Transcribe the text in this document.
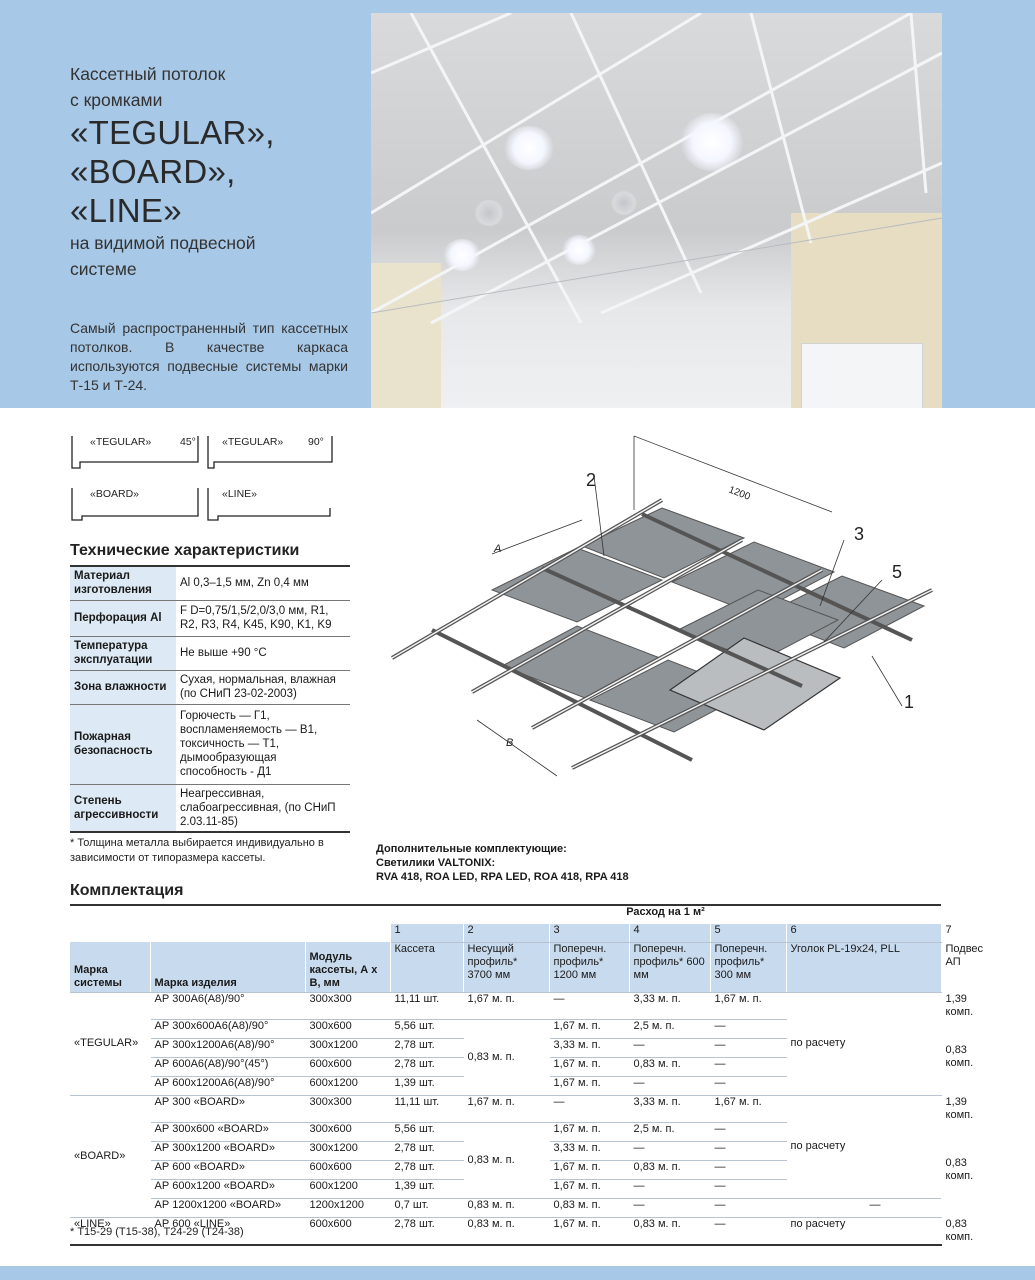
Кассетный потолок
с кромками
«TEGULAR»,
«BOARD», «LINE»
на видимой подвесной
системе
Самый распространенный тип кассетных потолков. В качестве каркаса используются подвесные системы марки Т-15 и Т-24.
«TEGULAR»	45° «TEGULAR» 90°
«BOARD»	«LINE»
Технические характеристики
Материал изготовления	Al 0,3–1,5 мм, Zn 0,4 мм
Перфорация Al	F D=0,75/1,5/2,0/3,0 мм, R1, R2, R3, R4, K45, K90, K1, K9
Температура эксплуатации	Не выше +90 °С
Зона влажности	Сухая, нормальная, влажная (по СНиП 23-02-2003)
Пожарная безопасность	Горючесть — Г1, воспламеняемость — В1, токсичность — Т1, дымообразующая способность - Д1
Степень агрессивности	Неагрессивная, слабоагрессивная, (по СНиП 2.03.11-85)
* Толщина металла выбирается индивидуально в зависимости от типоразмера кассеты.
1200
A
B
1
2
3
5
Дополнительные комплектующие:
Светилики VALTONIX:
RVA 418, ROA LED, RPA LED, ROA 418, RPA 418
Комплектация
Расход на 1 м²
			1	2	3	4	5	6		7
Марка системы	Марка изделия	Модуль кассеты, А х В, мм	Кассета	Несущий профиль* 3700 мм	Поперечн. профиль* 1200 мм	Поперечн. профиль* 600 мм	Поперечн. профиль* 300 мм	Уголок PL-19х24, PLL		Подвес АП
«TEGULAR»	АР 300А6(А8)/90°	300х300	11,11 шт.	1,67 м. п.	—	3,33 м. п.	1,67 м. п.	по расчету		1,39 комп.
	АР 300х600А6(А8)/90°	300х600	5,56 шт.	0,83 м. п.	1,67 м. п.	2,5 м. п.	—			0,83 комп.
	АР 300х1200А6(А8)/90°	300х1200	2,78 шт.		3,33 м. п.	—	—			
	АР 600А6(А8)/90°(45°)	600х600	2,78 шт.		1,67 м. п.	0,83 м. п.	—			
	АР 600х1200А6(А8)/90°	600х1200	1,39 шт.		1,67 м. п.	—	—			
«BOARD»	АР 300 «BOARD»	300х300	11,11 шт.	1,67 м. п.	—	3,33 м. п.	1,67 м. п.	по расчету		1,39 комп.
	АР 300х600 «BOARD»	300х600	5,56 шт.	0,83 м. п.	1,67 м. п.	2,5 м. п.	—			0,83 комп.
	АР 300х1200 «BOARD»	300х1200	2,78 шт.		3,33 м. п.	—	—			
	АР 600 «BOARD»	600х600	2,78 шт.		1,67 м. п.	0,83 м. п.	—			
	АР 600х1200 «BOARD»	600х1200	1,39 шт.		1,67 м. п.	—	—			
	АР 1200х1200 «BOARD»	1200х1200	0,7 шт.	0,83 м. п.	0,83 м. п.	—	—		—	
«LINE»	АР 600 «LINE»	600х600	2,78 шт.	0,83 м. п.	1,67 м. п.	0,83 м. п.	—	по расчету		0,83 комп.
* Т15-29 (Т15-38), Т24-29 (Т24-38)
